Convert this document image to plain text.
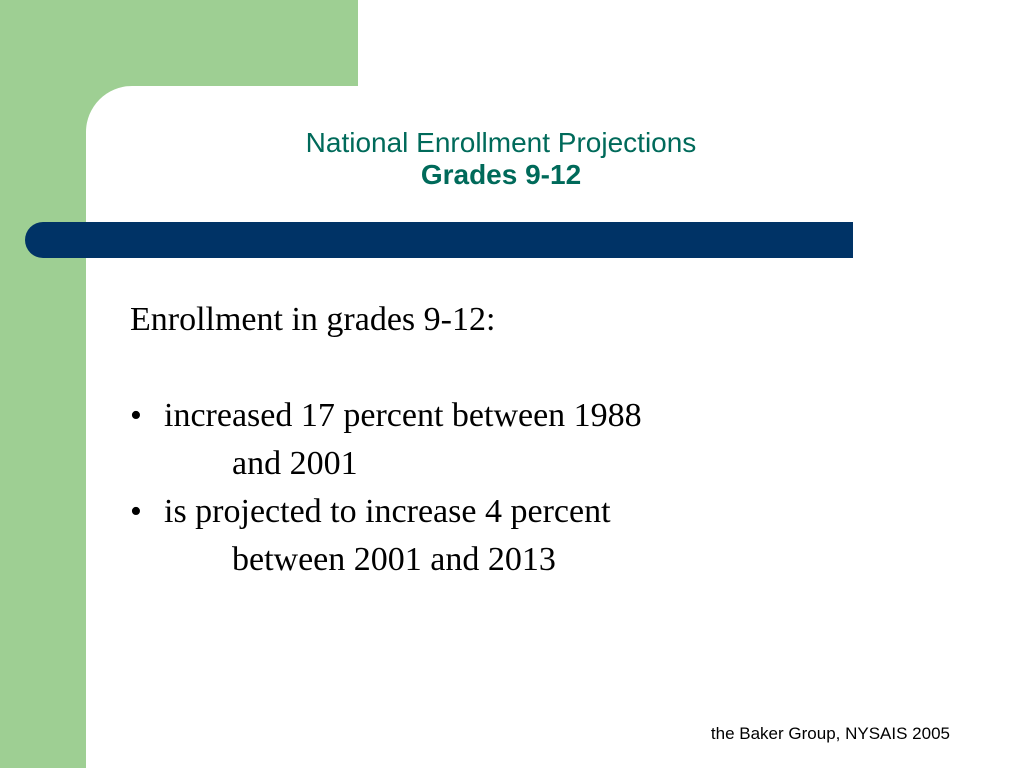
National Enrollment Projections
Grades 9-12
Enrollment in grades 9-12:
• increased 17 percent between 1988
and 2001
• is projected to increase 4 percent
between 2001 and 2013
the Baker Group, NYSAIS 2005
